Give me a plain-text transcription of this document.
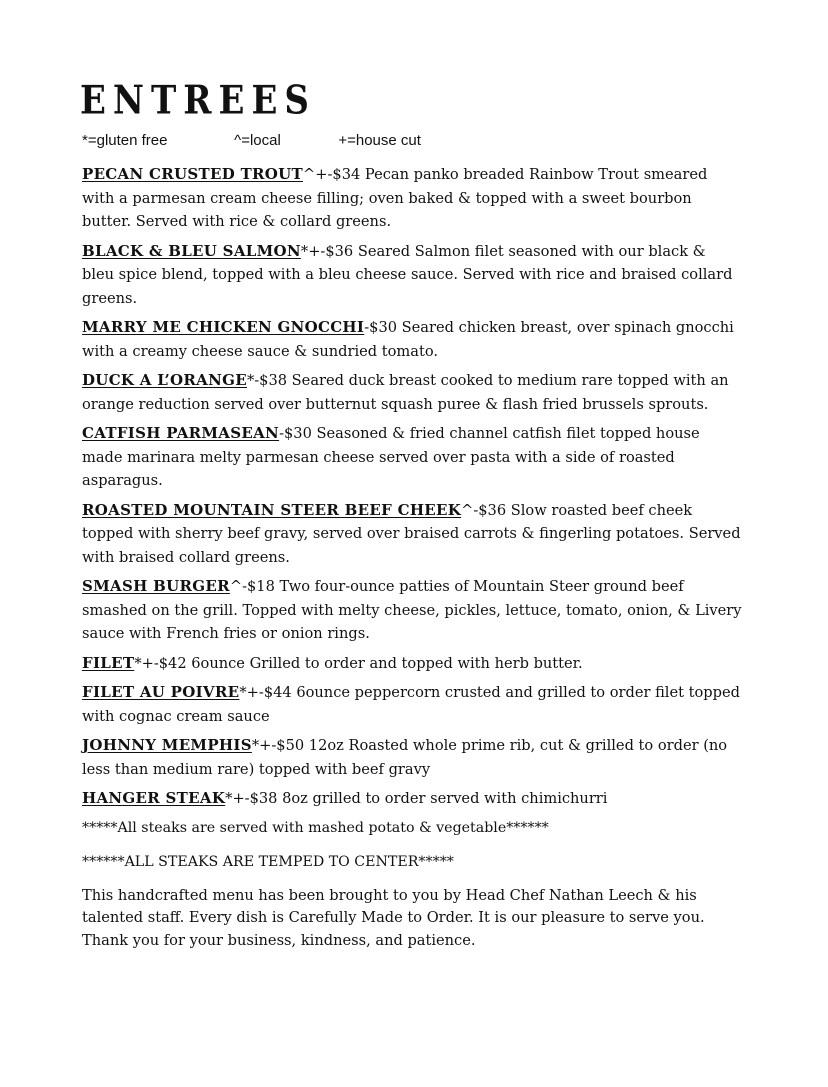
ENTREES
*=gluten free	^=local	+=house cut

PECAN CRUSTED TROUT^+-$34 Pecan panko breaded Rainbow Trout smeared with a parmesan cream cheese filling; oven baked & topped with a sweet bourbon butter. Served with rice & collard greens.

BLACK & BLEU SALMON*+-$36 Seared Salmon filet seasoned with our black & bleu spice blend, topped with a bleu cheese sauce. Served with rice and braised collard greens.

MARRY ME CHICKEN GNOCCHI-$30 Seared chicken breast, over spinach gnocchi with a creamy cheese sauce & sundried tomato.

DUCK A L’ORANGE*-$38 Seared duck breast cooked to medium rare topped with an orange reduction served over butternut squash puree & flash fried brussels sprouts.

CATFISH PARMASEAN-$30 Seasoned & fried channel catfish filet topped house made marinara melty parmesan cheese served over pasta with a side of roasted asparagus.

ROASTED MOUNTAIN STEER BEEF CHEEK^-$36 Slow roasted beef cheek topped with sherry beef gravy, served over braised carrots & fingerling potatoes. Served with braised collard greens.

SMASH BURGER^-$18 Two four-ounce patties of Mountain Steer ground beef smashed on the grill. Topped with melty cheese, pickles, lettuce, tomato, onion, & Livery sauce with French fries or onion rings.

FILET*+-$42 6ounce Grilled to order and topped with herb butter.

FILET AU POIVRE*+-$44 6ounce peppercorn crusted and grilled to order filet topped with cognac cream sauce

JOHNNY MEMPHIS*+-$50 12oz Roasted whole prime rib, cut & grilled to order (no less than medium rare) topped with beef gravy

HANGER STEAK*+-$38 8oz grilled to order served with chimichurri

*****All steaks are served with mashed potato & vegetable******

******ALL STEAKS ARE TEMPED TO CENTER*****

This handcrafted menu has been brought to you by Head Chef Nathan Leech & his talented staff. Every dish is Carefully Made to Order. It is our pleasure to serve you. Thank you for your business, kindness, and patience.
